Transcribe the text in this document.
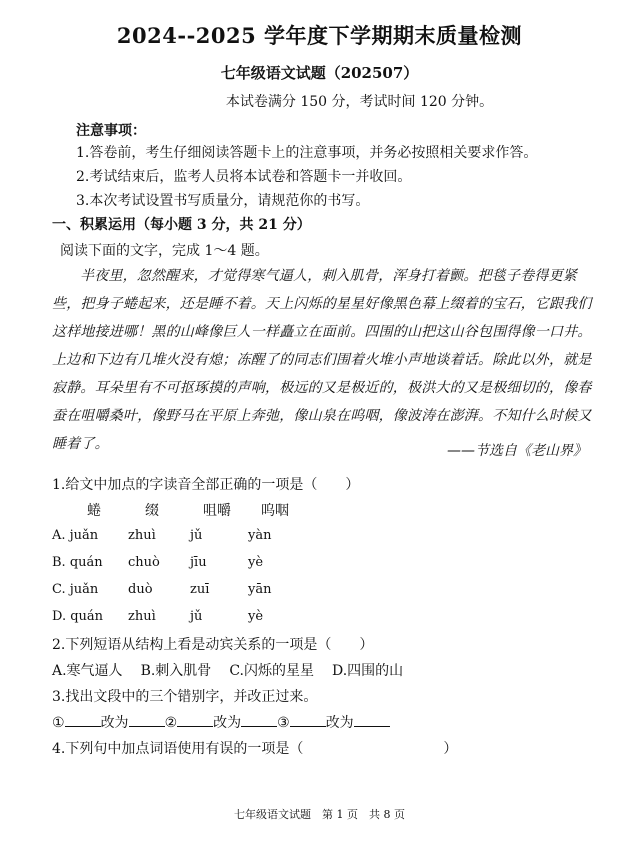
2024--2025 学年度下学期期末质量检测
七年级语文试题（202507）
本试卷满分 150 分，考试时间 120 分钟。
注意事项：
1.答卷前，考生仔细阅读答题卡上的注意事项，并务必按照相关要求作答。
2.考试结束后，监考人员将本试卷和答题卡一并收回。
3.本次考试设置书写质量分，请规范你的书写。
一、积累运用（每小题 3 分，共 21 分）
阅读下面的文字，完成 1～4 题。

半夜里，忽然醒来，才觉得寒气逼人，刺入肌骨，浑身打着颤。把毯子卷得更紧些，把身子蜷起来，还是睡不着。天上闪烁的星星好像黑色幕上缀着的宝石，它跟我们这样地接进哪！黑的山峰像巨人一样矗立在面前。四围的山把这山谷包围得像一口井。上边和下边有几堆火没有熄；冻醒了的同志们围着火堆小声地谈着话。除此以外，就是寂静。耳朵里有不可抠琢摸的声响，极远的又是极近的，极洪大的又是极细切的，像春蚕在咀嚼桑叶，像野马在平原上奔弛，像山泉在呜咽，像波涛在澎湃。不知什么时候又睡着了。	——节选自《老山界》
1.给文中加点的字读音全部正确的一项是（　　）
蜷	缀	咀嚼 呜咽
A. juǎn zhuì	jǔ	yàn
B. quán chuò jīu	yè
C. juǎn duò	zuī	yān
D. quán zhuì	jǔ	yè
2.下列短语从结构上看是动宾关系的一项是（　　）
A.寒气逼人 B.刺入肌骨 C.闪烁的星星 D.四围的山
3.找出文段中的三个错别字，并改正过来。
①	改为	②	改为	③	改为
4.下列句中加点词语使用有误的一项是（　　　　　　　　　　）
七年级语文试题　第 1 页　共 8 页
